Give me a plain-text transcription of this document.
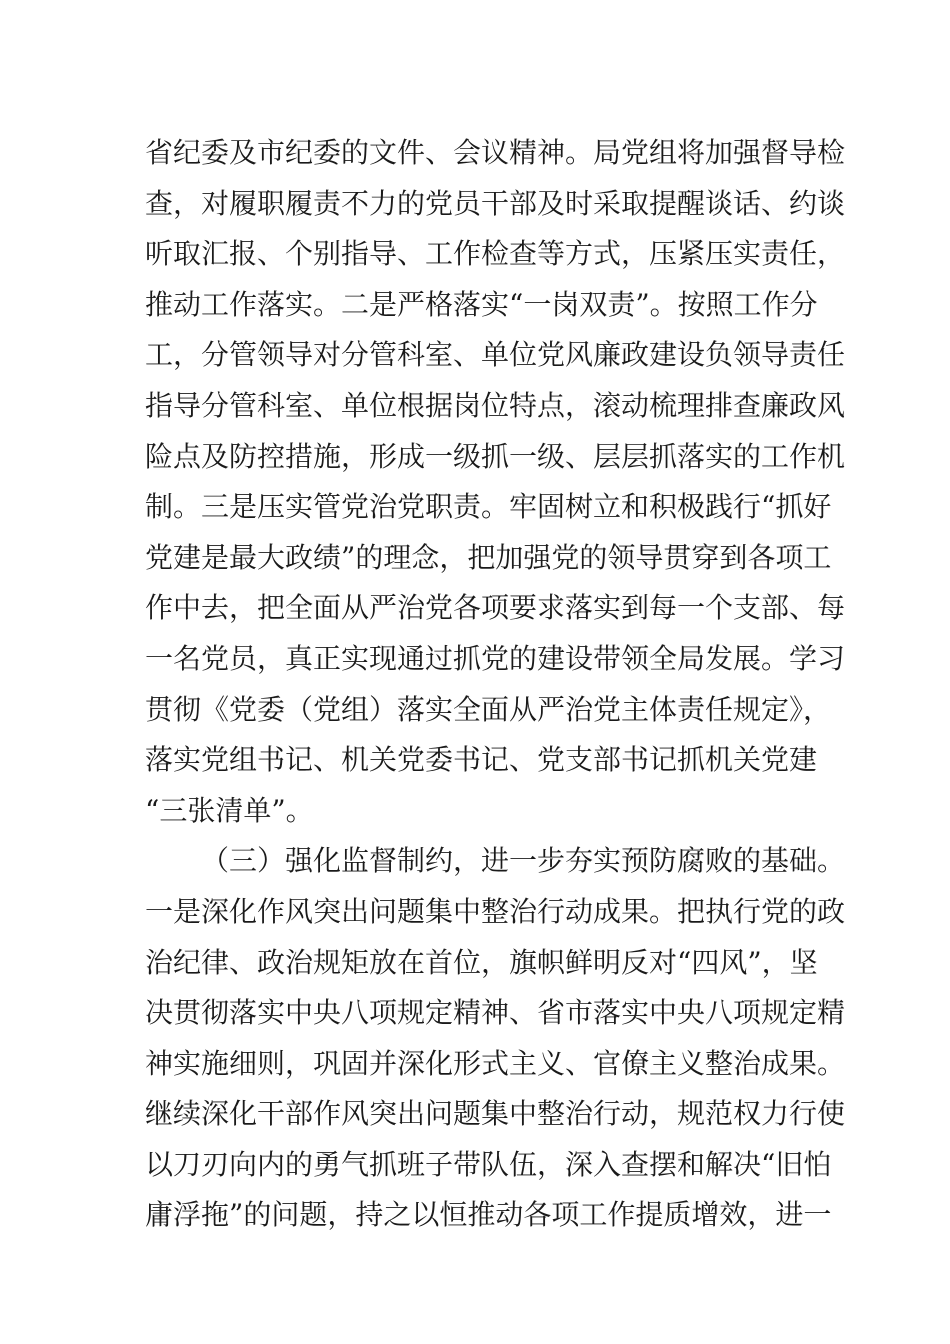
省纪委及市纪委的文件、会议精神。局党组将加强督导检
查，对履职履责不力的党员干部及时采取提醒谈话、约谈
听取汇报、个别指导、工作检查等方式，压紧压实责任，
推动工作落实。二是严格落实“一岗双责”。按照工作分
工，分管领导对分管科室、单位党风廉政建设负领导责任
指导分管科室、单位根据岗位特点，滚动梳理排查廉政风
险点及防控措施，形成一级抓一级、层层抓落实的工作机
制。三是压实管党治党职责。牢固树立和积极践行“抓好
党建是最大政绩”的理念，把加强党的领导贯穿到各项工
作中去，把全面从严治党各项要求落实到每一个支部、每
一名党员，真正实现通过抓党的建设带领全局发展。学习
贯彻《党委（党组）落实全面从严治党主体责任规定》，
落实党组书记、机关党委书记、党支部书记抓机关党建
“三张清单”。
（三）强化监督制约，进一步夯实预防腐败的基础。
一是深化作风突出问题集中整治行动成果。把执行党的政
治纪律、政治规矩放在首位，旗帜鲜明反对“四风”，坚
决贯彻落实中央八项规定精神、省市落实中央八项规定精
神实施细则，巩固并深化形式主义、官僚主义整治成果。
继续深化干部作风突出问题集中整治行动，规范权力行使
以刀刃向内的勇气抓班子带队伍，深入查摆和解决“旧怕
庸浮拖”的问题，持之以恒推动各项工作提质增效，进一
